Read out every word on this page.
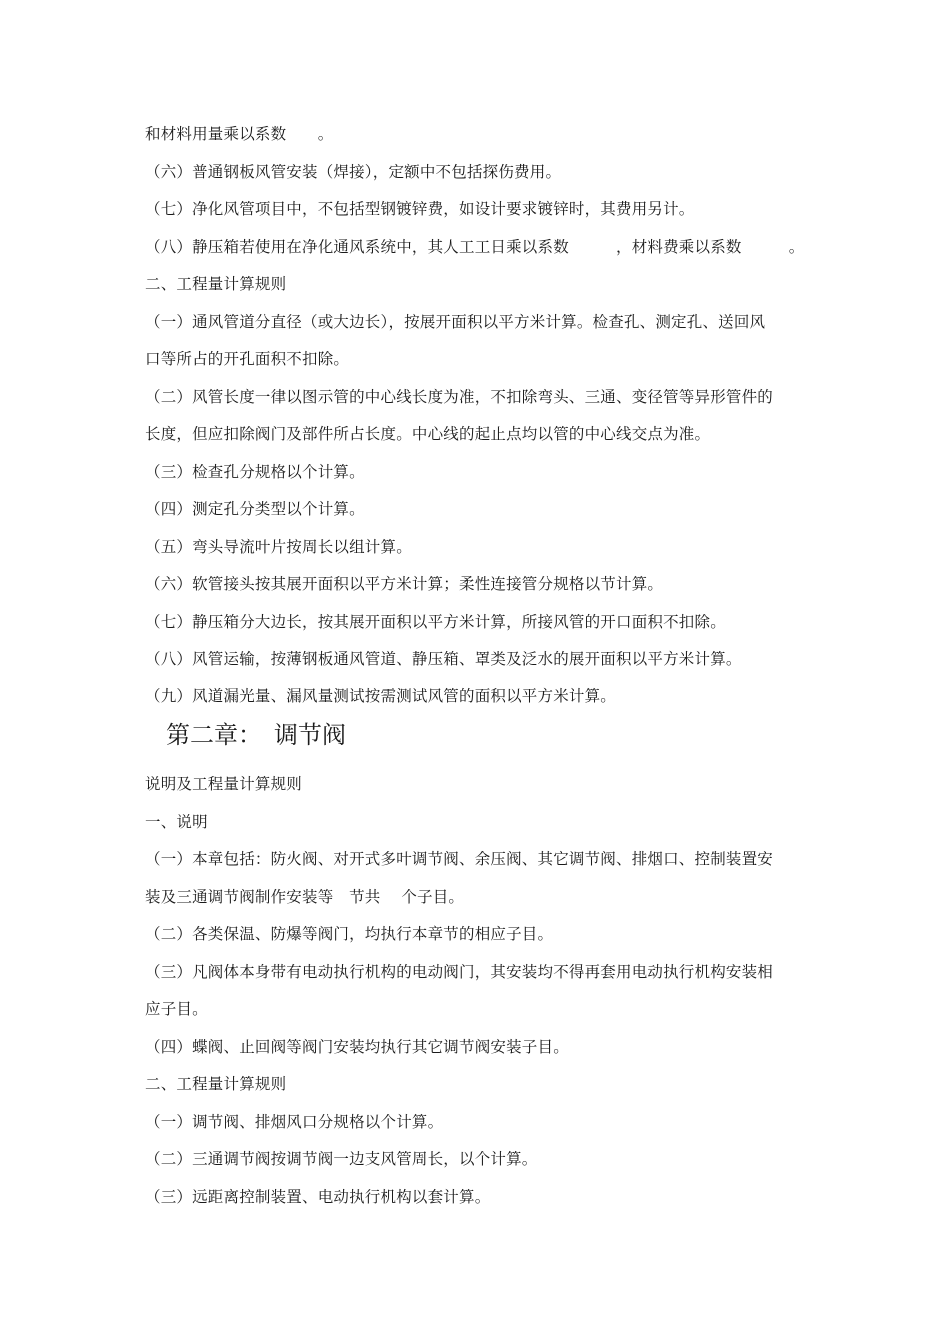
和材料用量乘以系数　　。
（六）普通钢板风管安装（焊接），定额中不包括探伤费用。
（七）净化风管项目中，不包括型钢镀锌费，如设计要求镀锌时，其费用另计。
（八）静压箱若使用在净化通风系统中，其人工工日乘以系数　　　，材料费乘以系数　　　。
二、工程量计算规则
（一）通风管道分直径（或大边长），按展开面积以平方米计算。检查孔、测定孔、送回风
口等所占的开孔面积不扣除。
（二）风管长度一律以图示管的中心线长度为准，不扣除弯头、三通、变径管等异形管件的
长度，但应扣除阀门及部件所占长度。中心线的起止点均以管的中心线交点为准。
（三）检查孔分规格以个计算。
（四）测定孔分类型以个计算。
（五）弯头导流叶片按周长以组计算。
（六）软管接头按其展开面积以平方米计算；柔性连接管分规格以节计算。
（七）静压箱分大边长，按其展开面积以平方米计算，所接风管的开口面积不扣除。
（八）风管运输，按薄钢板通风管道、静压箱、罩类及泛水的展开面积以平方米计算。
（九）风道漏光量、漏风量测试按需测试风管的面积以平方米计算。
第二章：　调节阀
说明及工程量计算规则
一、说明
（一）本章包括：防火阀、对开式多叶调节阀、余压阀、其它调节阀、排烟口、控制装置安
装及三通调节阀制作安装等　节共　 个子目。
（二）各类保温、防爆等阀门，均执行本章节的相应子目。
（三）凡阀体本身带有电动执行机构的电动阀门，其安装均不得再套用电动执行机构安装相
应子目。
（四）蝶阀、止回阀等阀门安装均执行其它调节阀安装子目。
二、工程量计算规则
（一）调节阀、排烟风口分规格以个计算。
（二）三通调节阀按调节阀一边支风管周长，以个计算。
（三）远距离控制装置、电动执行机构以套计算。
